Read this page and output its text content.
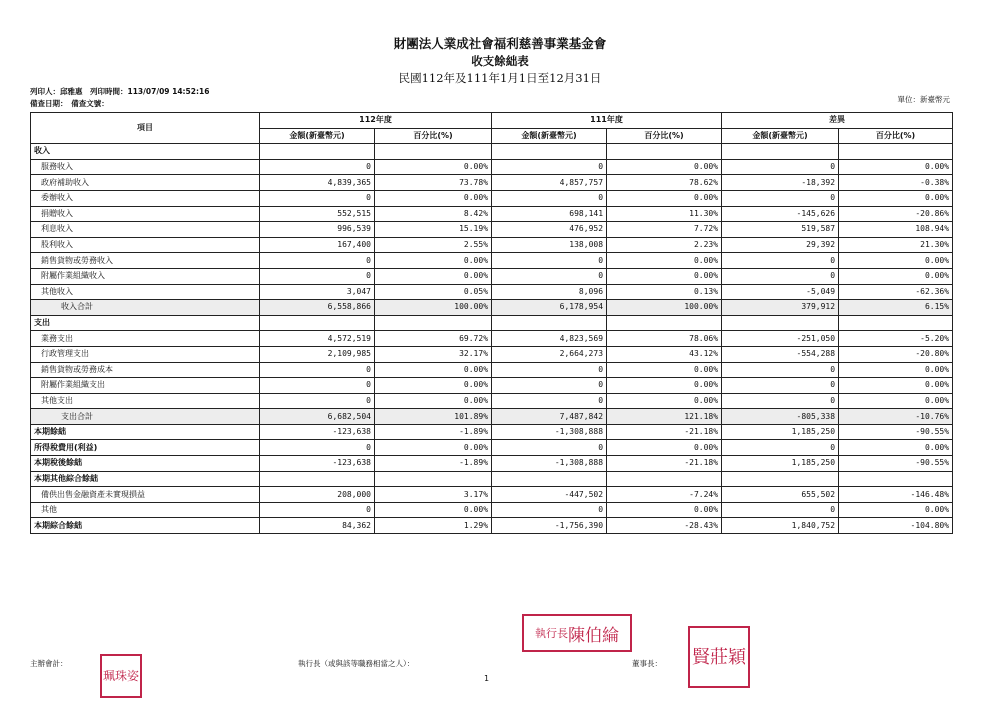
財團法人業成社會福利慈善事業基金會
收支餘絀表
民國112年及111年1月1日至12月31日
列印人：邱雅惠　列印時間：113/07/09 14:52:16
備查日期：　備查文號：	單位：新臺幣元
項目	112年度		111年度		差異	
	金額(新臺幣元)	百分比(%)	金額(新臺幣元)	百分比(%)	金額(新臺幣元)	百分比(%)
收入						
服務收入	0	0.00%	0	0.00%	0	0.00%
政府補助收入	4,839,365	73.78%	4,857,757	78.62%	-18,392	-0.38%
委辦收入	0	0.00%	0	0.00%	0	0.00%
捐贈收入	552,515	8.42%	698,141	11.30%	-145,626	-20.86%
利息收入	996,539	15.19%	476,952	7.72%	519,587	108.94%
股利收入	167,400	2.55%	138,008	2.23%	29,392	21.30%
銷售貨物或勞務收入	0	0.00%	0	0.00%	0	0.00%
附屬作業組織收入	0	0.00%	0	0.00%	0	0.00%
其他收入	3,047	0.05%	8,096	0.13%	-5,049	-62.36%
收入合計	6,558,866	100.00%	6,178,954	100.00%	379,912	6.15%
支出						
業務支出	4,572,519	69.72%	4,823,569	78.06%	-251,050	-5.20%
行政管理支出	2,109,985	32.17%	2,664,273	43.12%	-554,288	-20.80%
銷售貨物或勞務成本	0	0.00%	0	0.00%	0	0.00%
附屬作業組織支出	0	0.00%	0	0.00%	0	0.00%
其他支出	0	0.00%	0	0.00%	0	0.00%
支出合計	6,682,504	101.89%	7,487,842	121.18%	-805,338	-10.76%
本期餘絀	-123,638	-1.89%	-1,308,888	-21.18%	1,185,250	-90.55%
所得稅費用(利益)	0	0.00%	0	0.00%	0	0.00%
本期稅後餘絀	-123,638	-1.89%	-1,308,888	-21.18%	1,185,250	-90.55%
本期其他綜合餘絀						
備供出售金融資產未實現損益	208,000	3.17%	-447,502	-7.24%	655,502	-146.48%
其他	0	0.00%	0	0.00%	0	0.00%
本期綜合餘絀	84,362	1.29%	-1,756,390	-28.43%	1,840,752	-104.80%
主辦會計：
珮珠姿
執行長（或與該等職務相當之人）：
執行長 陳伯綸
董事長： 賢莊穎
1
